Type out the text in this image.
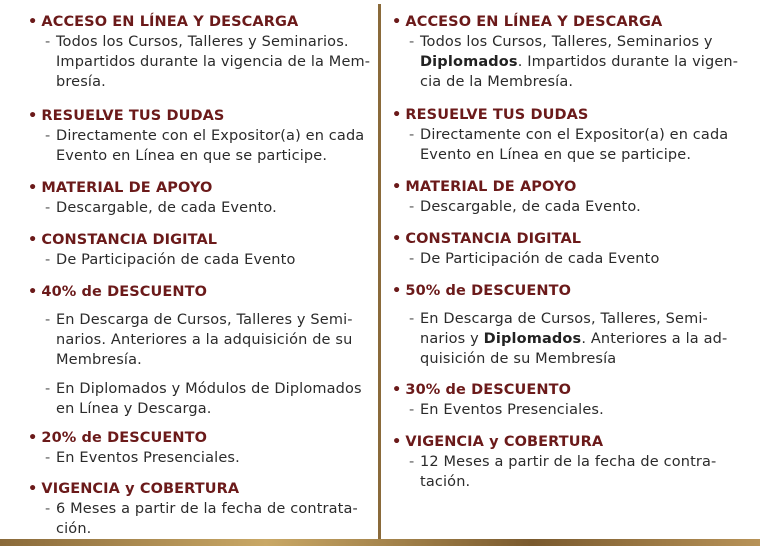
• ACCESO EN LÍNEA Y DESCARGA
- Todos los Cursos, Talleres y Seminarios.
Impartidos durante la vigencia de la Mem-
bresía.
• RESUELVE TUS DUDAS
- Directamente con el Expositor(a) en cada
Evento en Línea en que se participe.
• MATERIAL DE APOYO
- Descargable, de cada Evento.
• CONSTANCIA DIGITAL
- De Participación de cada Evento
• 40% de DESCUENTO
- En Descarga de Cursos, Talleres y Semi-
narios. Anteriores a la adquisición de su
Membresía.
- En Diplomados y Módulos de Diplomados
en Línea y Descarga.
• 20% de DESCUENTO
- En Eventos Presenciales.
• VIGENCIA y COBERTURA
- 6 Meses a partir de la fecha de contrata-
ción.
• ACCESO EN LÍNEA Y DESCARGA
- Todos los Cursos, Talleres, Seminarios y
Diplomados. Impartidos durante la vigen-
cia de la Membresía.
• RESUELVE TUS DUDAS
- Directamente con el Expositor(a) en cada
Evento en Línea en que se participe.
• MATERIAL DE APOYO
- Descargable, de cada Evento.
• CONSTANCIA DIGITAL
- De Participación de cada Evento
• 50% de DESCUENTO
- En Descarga de Cursos, Talleres, Semi-
narios y Diplomados. Anteriores a la ad-
quisición de su Membresía
• 30% de DESCUENTO
- En Eventos Presenciales.
• VIGENCIA y COBERTURA
- 12 Meses a partir de la fecha de contra-
tación.
